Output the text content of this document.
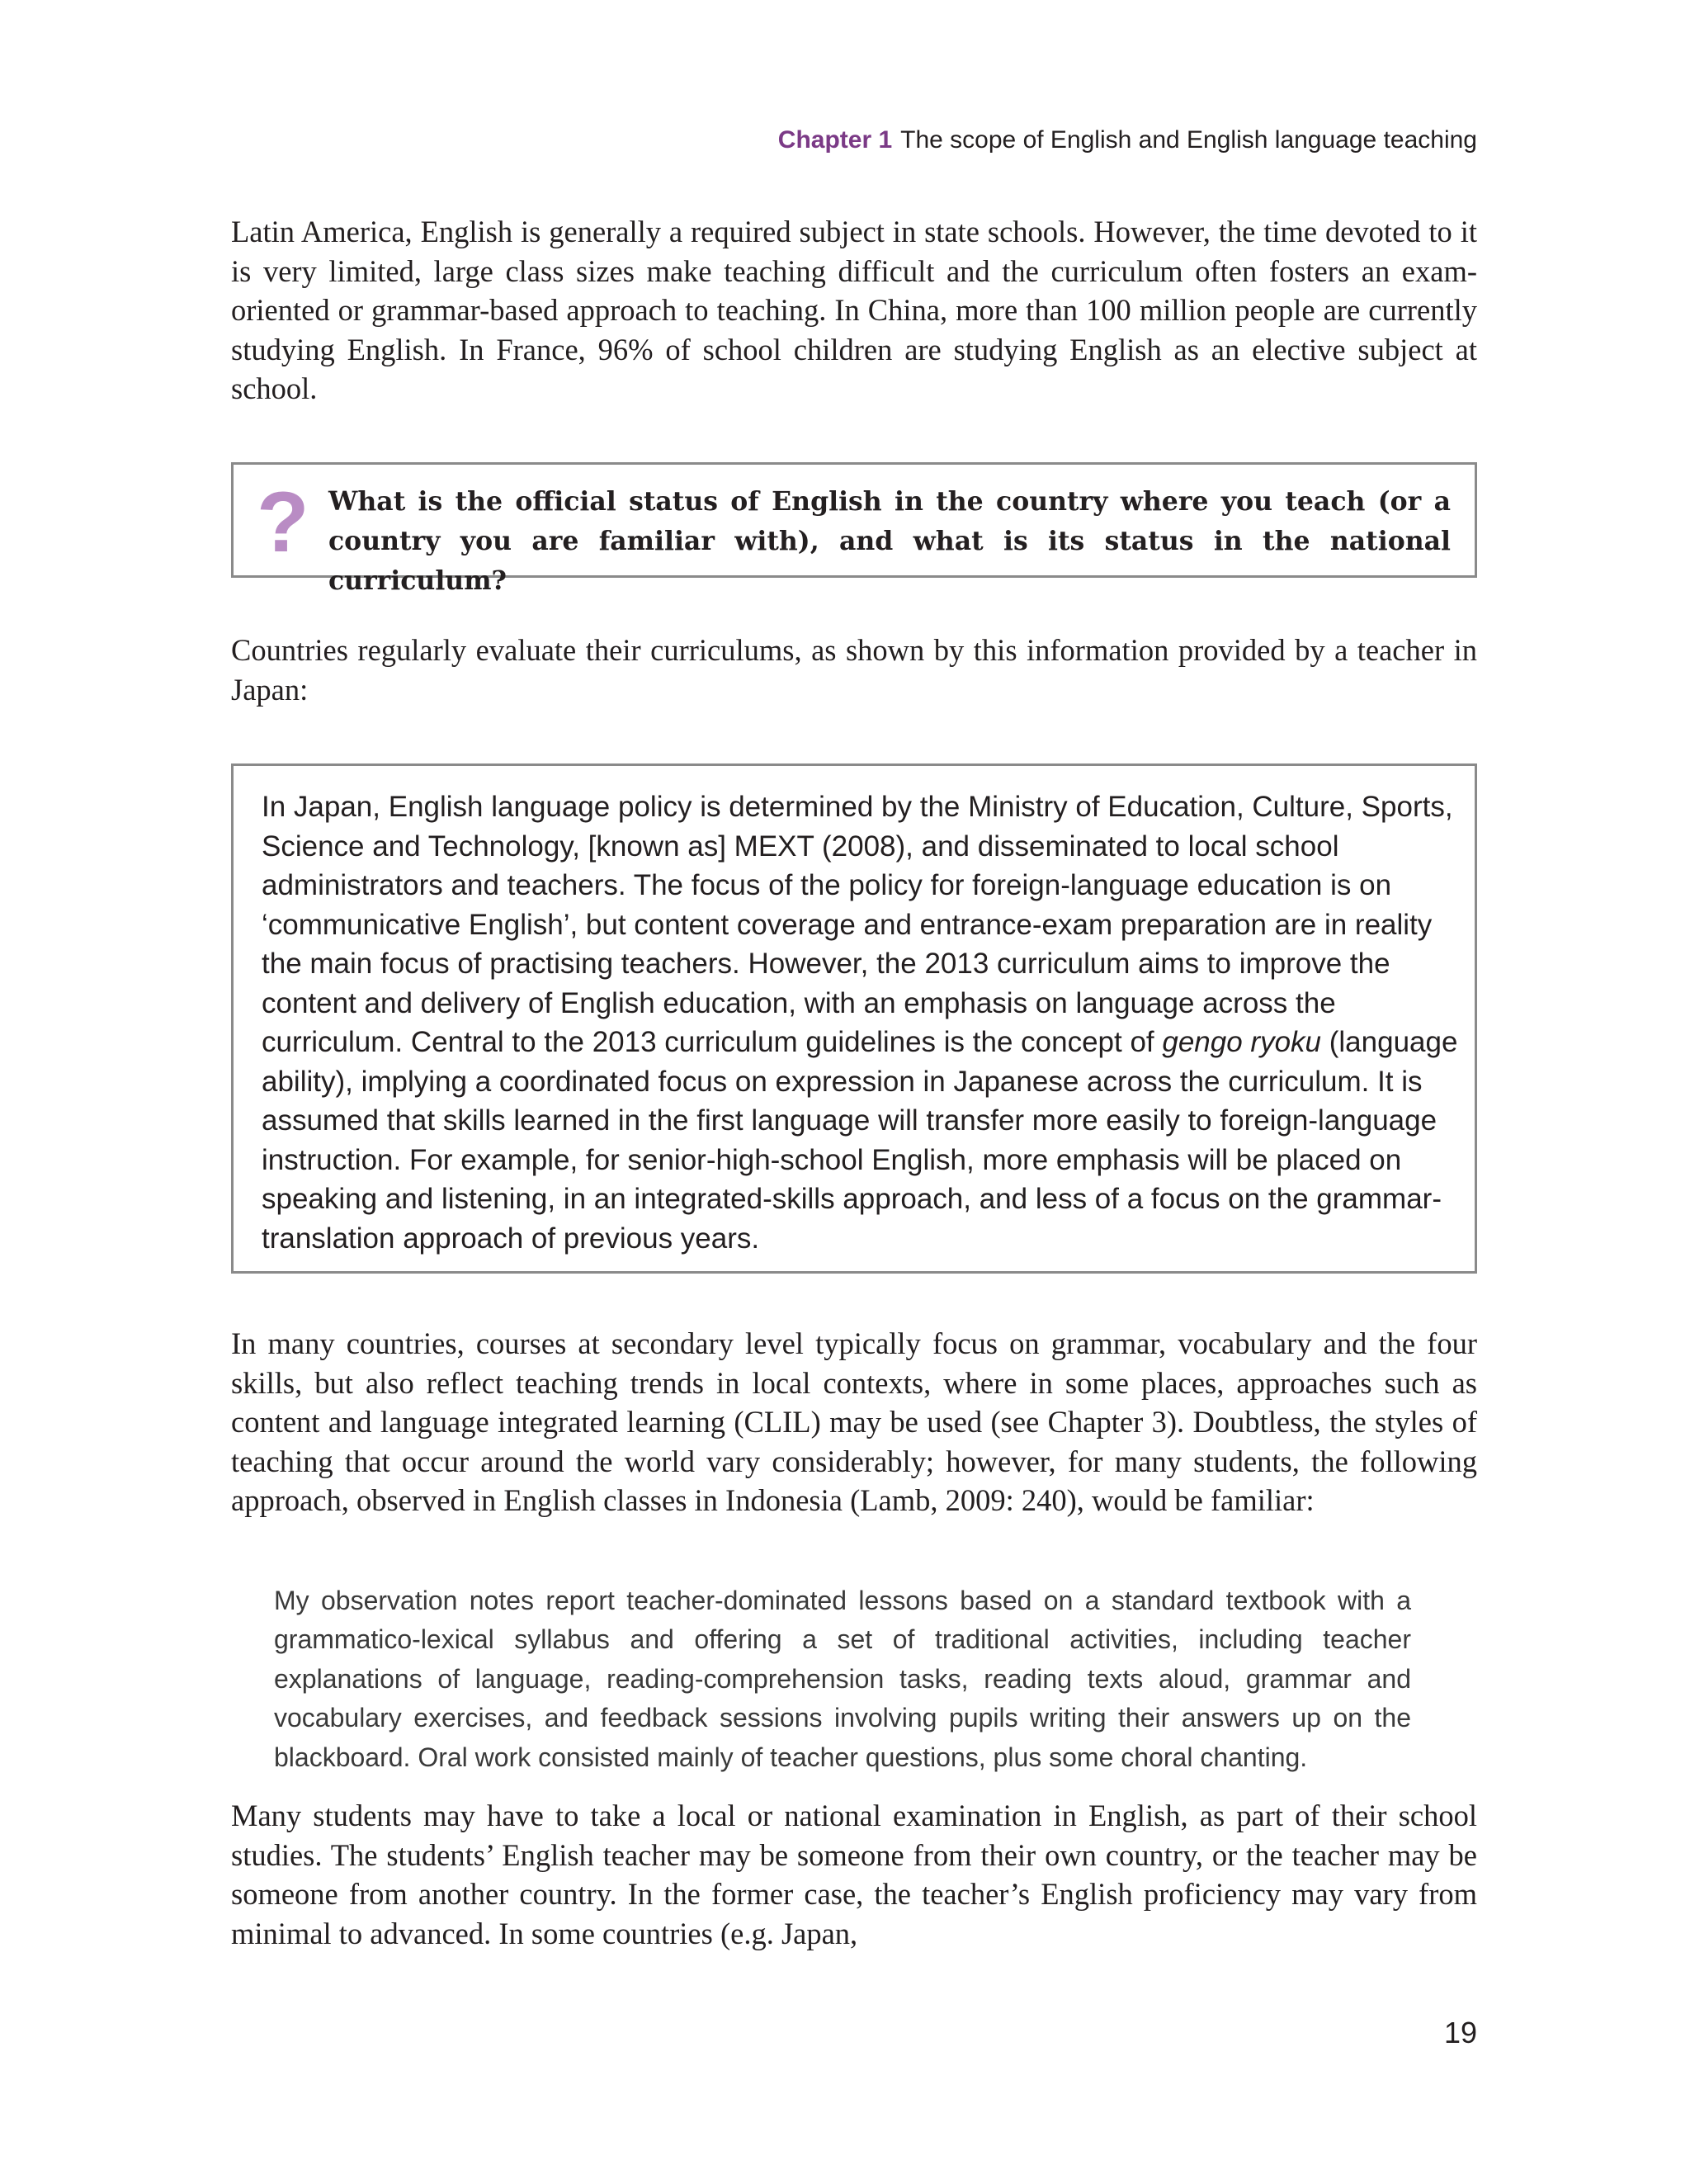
Chapter 1 The scope of English and English language teaching

Latin America, English is generally a required subject in state schools. However, the time devoted to it is very limited, large class sizes make teaching difficult and the curriculum often fosters an exam-oriented or grammar-based approach to teaching. In China, more than 100 million people are currently studying English. In France, 96% of school children are studying English as an elective subject at school.

? What is the official status of English in the country where you teach (or a country you are familiar with), and what is its status in the national curriculum?

Countries regularly evaluate their curriculums, as shown by this information provided by a teacher in Japan:

In Japan, English language policy is determined by the Ministry of Education, Culture, Sports, Science and Technology, [known as] MEXT (2008), and disseminated to local school administrators and teachers. The focus of the policy for foreign-language education is on ‘communicative English’, but content coverage and entrance-exam preparation are in reality the main focus of practising teachers. However, the 2013 curriculum aims to improve the content and delivery of English education, with an emphasis on language across the curriculum. Central to the 2013 curriculum guidelines is the concept of gengo ryoku (language ability), implying a coordinated focus on expression in Japanese across the curriculum. It is assumed that skills learned in the first language will transfer more easily to foreign-language instruction. For example, for senior-high-school English, more emphasis will be placed on speaking and listening, in an integrated-skills approach, and less of a focus on the grammar-translation approach of previous years.

In many countries, courses at secondary level typically focus on grammar, vocabulary and the four skills, but also reflect teaching trends in local contexts, where in some places, approaches such as content and language integrated learning (CLIL) may be used (see Chapter 3). Doubtless, the styles of teaching that occur around the world vary considerably; however, for many students, the following approach, observed in English classes in Indonesia (Lamb, 2009: 240), would be familiar:

My observation notes report teacher-dominated lessons based on a standard textbook with a grammatico-lexical syllabus and offering a set of traditional activities, including teacher explanations of language, reading-comprehension tasks, reading texts aloud, grammar and vocabulary exercises, and feedback sessions involving pupils writing their answers up on the blackboard. Oral work consisted mainly of teacher questions, plus some choral chanting.

Many students may have to take a local or national examination in English, as part of their school studies. The students’ English teacher may be someone from their own country, or the teacher may be someone from another country. In the former case, the teacher’s English proficiency may vary from minimal to advanced. In some countries (e.g. Japan,

19
